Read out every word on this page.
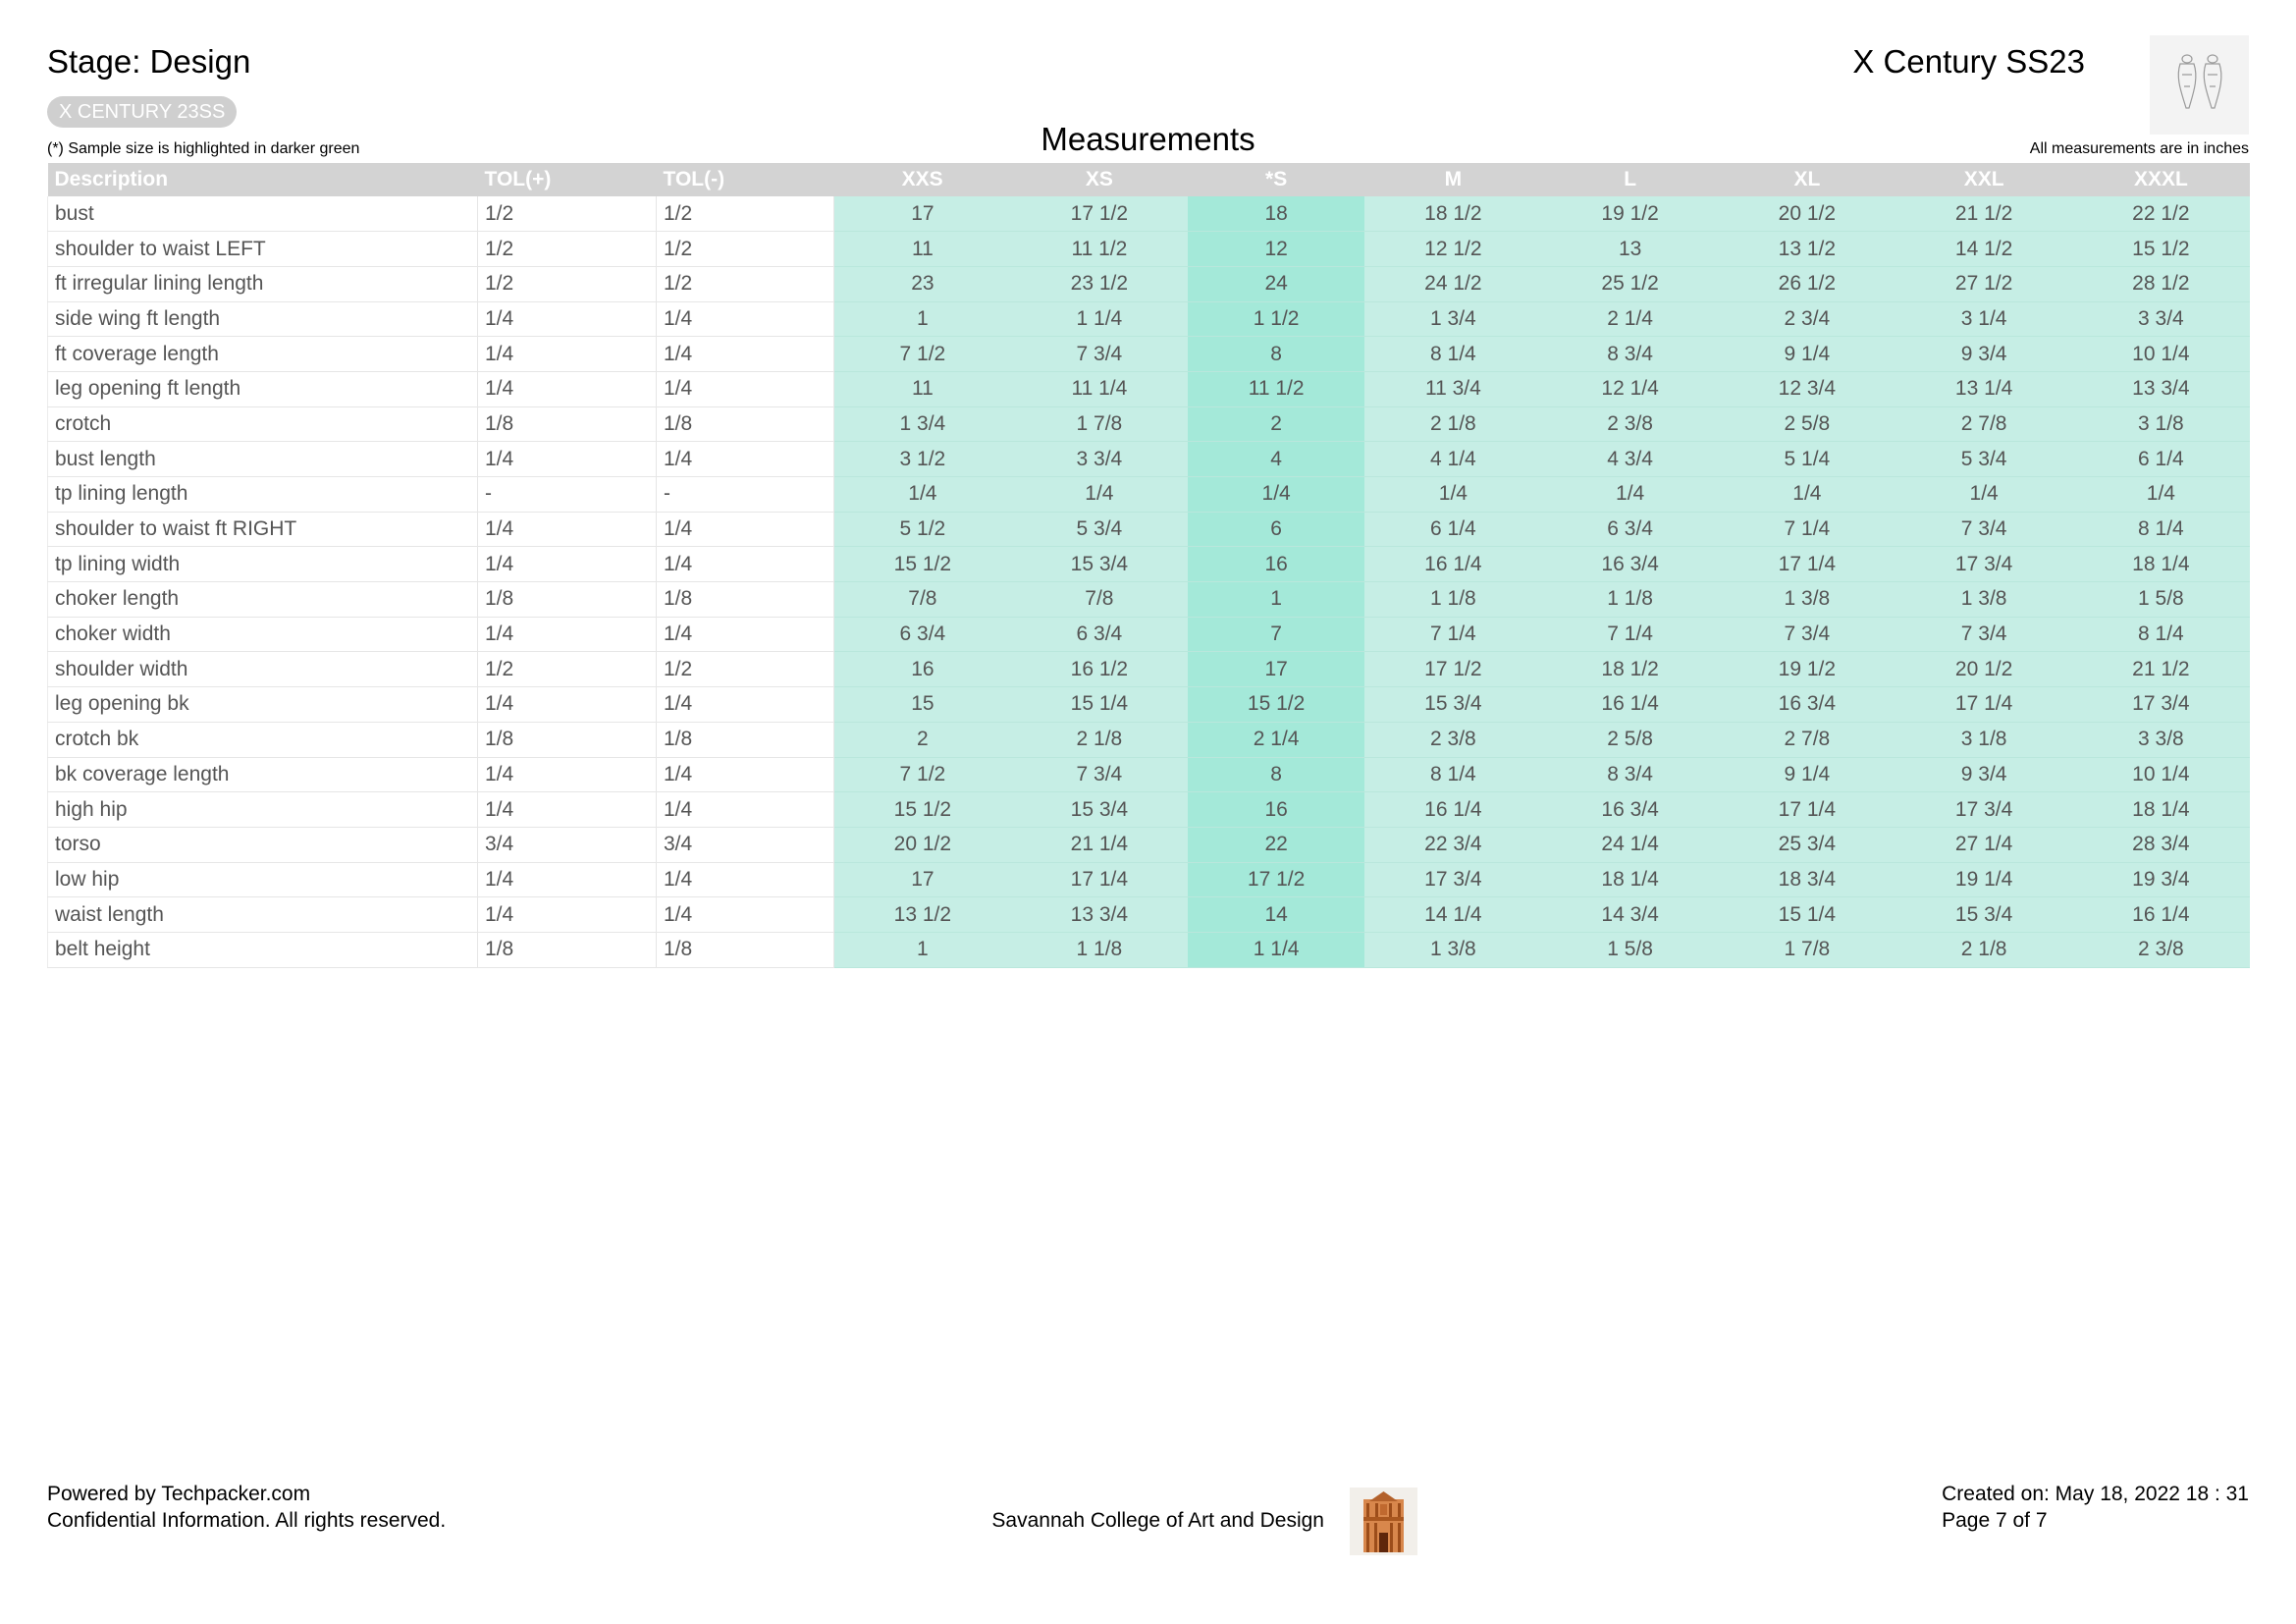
Stage: Design	X Century SS23
X CENTURY 23SS
(*) Sample size is highlighted in darker green	Measurements	All measurements are in inches
Description	TOL(+)	TOL(-)	XXS	XS	*S	M	L	XL	XXL	XXXL
bust	1/2	1/2	17	17 1/2	18	18 1/2	19 1/2	20 1/2	21 1/2	22 1/2
shoulder to waist LEFT	1/2	1/2	11	11 1/2	12	12 1/2	13	13 1/2	14 1/2	15 1/2
ft irregular lining length	1/2	1/2	23	23 1/2	24	24 1/2	25 1/2	26 1/2	27 1/2	28 1/2
side wing ft length	1/4	1/4	1	1 1/4	1 1/2	1 3/4	2 1/4	2 3/4	3 1/4	3 3/4
ft coverage length	1/4	1/4	7 1/2	7 3/4	8	8 1/4	8 3/4	9 1/4	9 3/4	10 1/4
leg opening ft length	1/4	1/4	11	11 1/4	11 1/2	11 3/4	12 1/4	12 3/4	13 1/4	13 3/4
crotch	1/8	1/8	1 3/4	1 7/8	2	2 1/8	2 3/8	2 5/8	2 7/8	3 1/8
bust length	1/4	1/4	3 1/2	3 3/4	4	4 1/4	4 3/4	5 1/4	5 3/4	6 1/4
tp lining length	-	-	1/4	1/4	1/4	1/4	1/4	1/4	1/4	1/4
shoulder to waist ft RIGHT	1/4	1/4	5 1/2	5 3/4	6	6 1/4	6 3/4	7 1/4	7 3/4	8 1/4
tp lining width	1/4	1/4	15 1/2	15 3/4	16	16 1/4	16 3/4	17 1/4	17 3/4	18 1/4
choker length	1/8	1/8	7/8	7/8	1	1 1/8	1 1/8	1 3/8	1 3/8	1 5/8
choker width	1/4	1/4	6 3/4	6 3/4	7	7 1/4	7 1/4	7 3/4	7 3/4	8 1/4
shoulder width	1/2	1/2	16	16 1/2	17	17 1/2	18 1/2	19 1/2	20 1/2	21 1/2
leg opening bk	1/4	1/4	15	15 1/4	15 1/2	15 3/4	16 1/4	16 3/4	17 1/4	17 3/4
crotch bk	1/8	1/8	2	2 1/8	2 1/4	2 3/8	2 5/8	2 7/8	3 1/8	3 3/8
bk coverage length	1/4	1/4	7 1/2	7 3/4	8	8 1/4	8 3/4	9 1/4	9 3/4	10 1/4
high hip	1/4	1/4	15 1/2	15 3/4	16	16 1/4	16 3/4	17 1/4	17 3/4	18 1/4
torso	3/4	3/4	20 1/2	21 1/4	22	22 3/4	24 1/4	25 3/4	27 1/4	28 3/4
low hip	1/4	1/4	17	17 1/4	17 1/2	17 3/4	18 1/4	18 3/4	19 1/4	19 3/4
waist length	1/4	1/4	13 1/2	13 3/4	14	14 1/4	14 3/4	15 1/4	15 3/4	16 1/4
belt height	1/8	1/8	1	1 1/8	1 1/4	1 3/8	1 5/8	1 7/8	2 1/8	2 3/8
Powered by Techpacker.com
Confidential Information. All rights reserved.	Savannah College of Art and Design
Created on: May 18, 2022 18 : 31
Page 7 of 7
